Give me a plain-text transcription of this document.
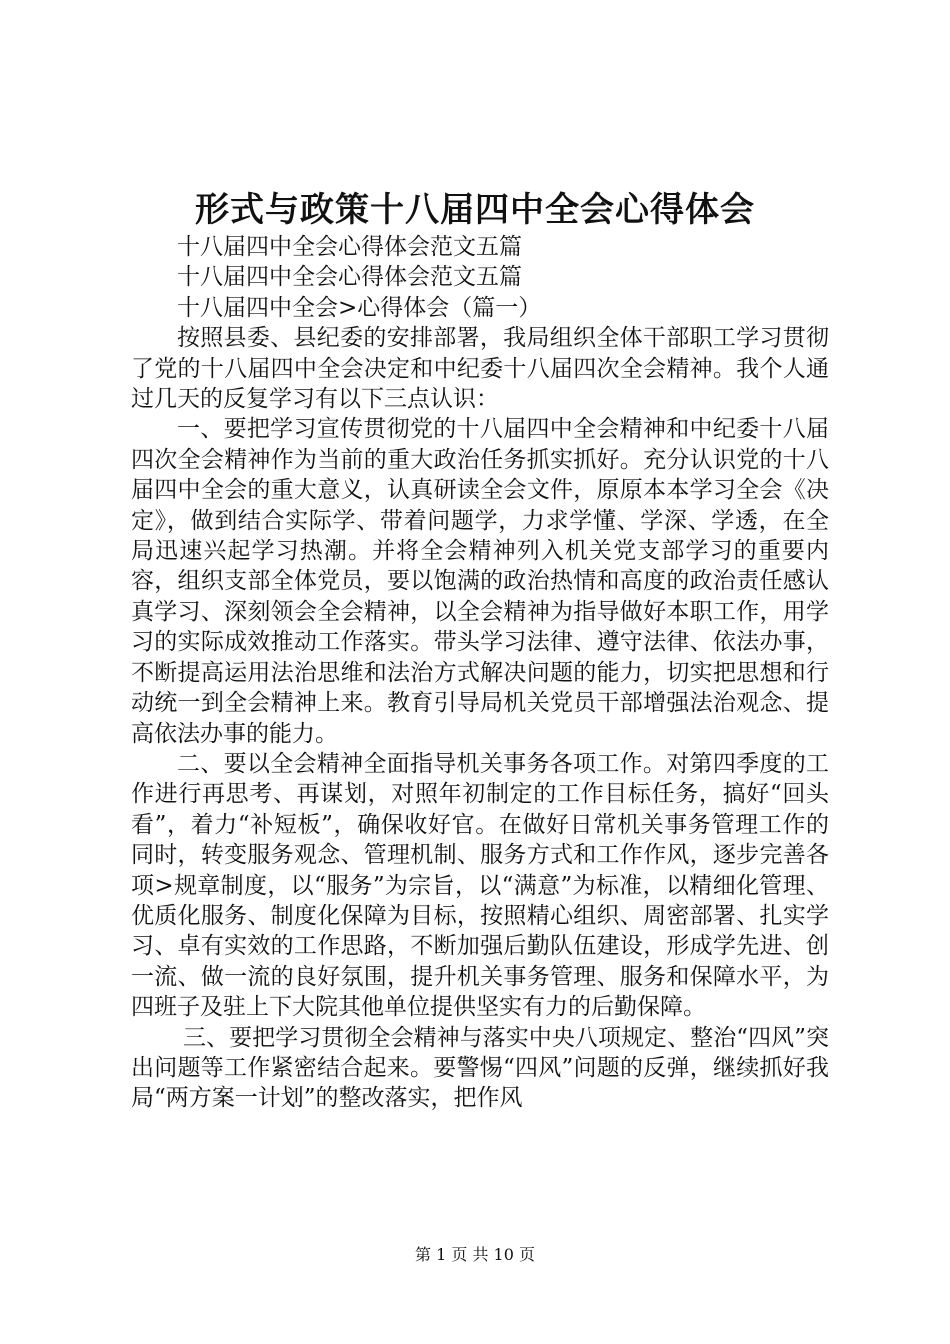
形式与政策十八届四中全会心得体会

十八届四中全会心得体会范文五篇

十八届四中全会心得体会范文五篇

十八届四中全会>心得体会（篇一）

按照县委、县纪委的安排部署，我局组织全体干部职工学习贯彻了党的十八届四中全会决定和中纪委十八届四次全会精神。我个人通过几天的反复学习有以下三点认识：

一、要把学习宣传贯彻党的十八届四中全会精神和中纪委十八届四次全会精神作为当前的重大政治任务抓实抓好。充分认识党的十八届四中全会的重大意义，认真研读全会文件，原原本本学习全会《决定》，做到结合实际学、带着问题学，力求学懂、学深、学透，在全局迅速兴起学习热潮。并将全会精神列入机关党支部学习的重要内容，组织支部全体党员，要以饱满的政治热情和高度的政治责任感认真学习、深刻领会全会精神，以全会精神为指导做好本职工作，用学习的实际成效推动工作落实。带头学习法律、遵守法律、依法办事，不断提高运用法治思维和法治方式解决问题的能力，切实把思想和行动统一到全会精神上来。教育引导局机关党员干部增强法治观念、提高依法办事的能力。

二、要以全会精神全面指导机关事务各项工作。对第四季度的工作进行再思考、再谋划，对照年初制定的工作目标任务，搞好“回头看”，着力“补短板”，确保收好官。在做好日常机关事务管理工作的同时，转变服务观念、管理机制、服务方式和工作作风，逐步完善各项>规章制度，以“服务”为宗旨，以“满意”为标准，以精细化管理、优质化服务、制度化保障为目标，按照精心组织、周密部署、扎实学习、卓有实效的工作思路，不断加强后勤队伍建设，形成学先进、创一流、做一流的良好氛围，提升机关事务管理、服务和保障水平，为四班子及驻上下大院其他单位提供坚实有力的后勤保障。

三、要把学习贯彻全会精神与落实中央八项规定、整治“四风”突出问题等工作紧密结合起来。要警惕“四风”问题的反弹，继续抓好我局“两方案一计划”的整改落实，把作风

第 1 页 共 10 页
